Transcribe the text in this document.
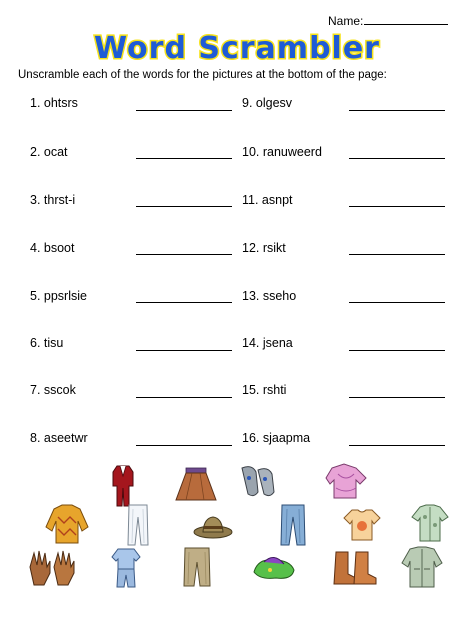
Name:
Word Scrambler
Unscramble each of the words for the pictures at the bottom of the page:
1. ohtsrs
2. ocat
3. thrst-i
4. bsoot
5. ppsrlsie
6. tisu
7. sscok
8. aseetwr
9. olgesv
10. ranuweerd
11. asnpt
12. rsikt
13. sseho
14. jsena
15. rshti
16. sjaapma
